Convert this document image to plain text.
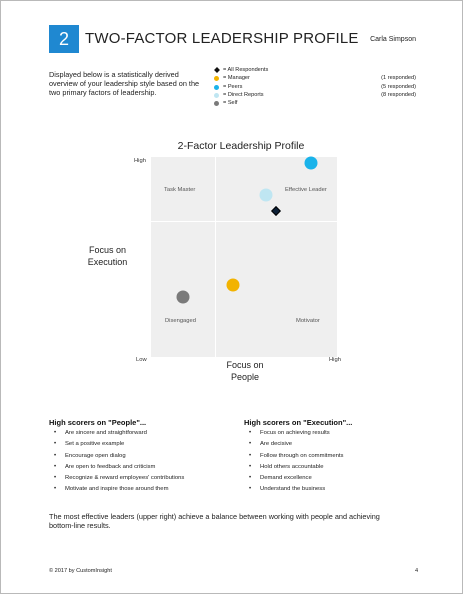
2	TWO-FACTOR LEADERSHIP PROFILE Carla Simpson
Displayed below is a statistically derived overview of your leadership style based on the two primary factors of leadership.
= All Respondents
= Manager	(1 responded)
= Peers	(5 responded)
= Direct Reports	(8 responded)
= Self
2-Factor Leadership Profile
High
Low	High
Focus on Execution
Focus on People
Task Master	Effective Leader
Disengaged	Motivator
High scorers on "People"...
• Are sincere and straightforward
• Set a positive example
• Encourage open dialog
• Are open to feedback and criticism
• Recognize & reward employees' contributions
• Motivate and inspire those around them
High scorers on "Execution"...
• Focus on achieving results
• Are decisive
• Follow through on commitments
• Hold others accountable
• Demand excellence
• Understand the business
The most effective leaders (upper right) achieve a balance between working with people and achieving bottom-line results.
© 2017 by CustomInsight	4
